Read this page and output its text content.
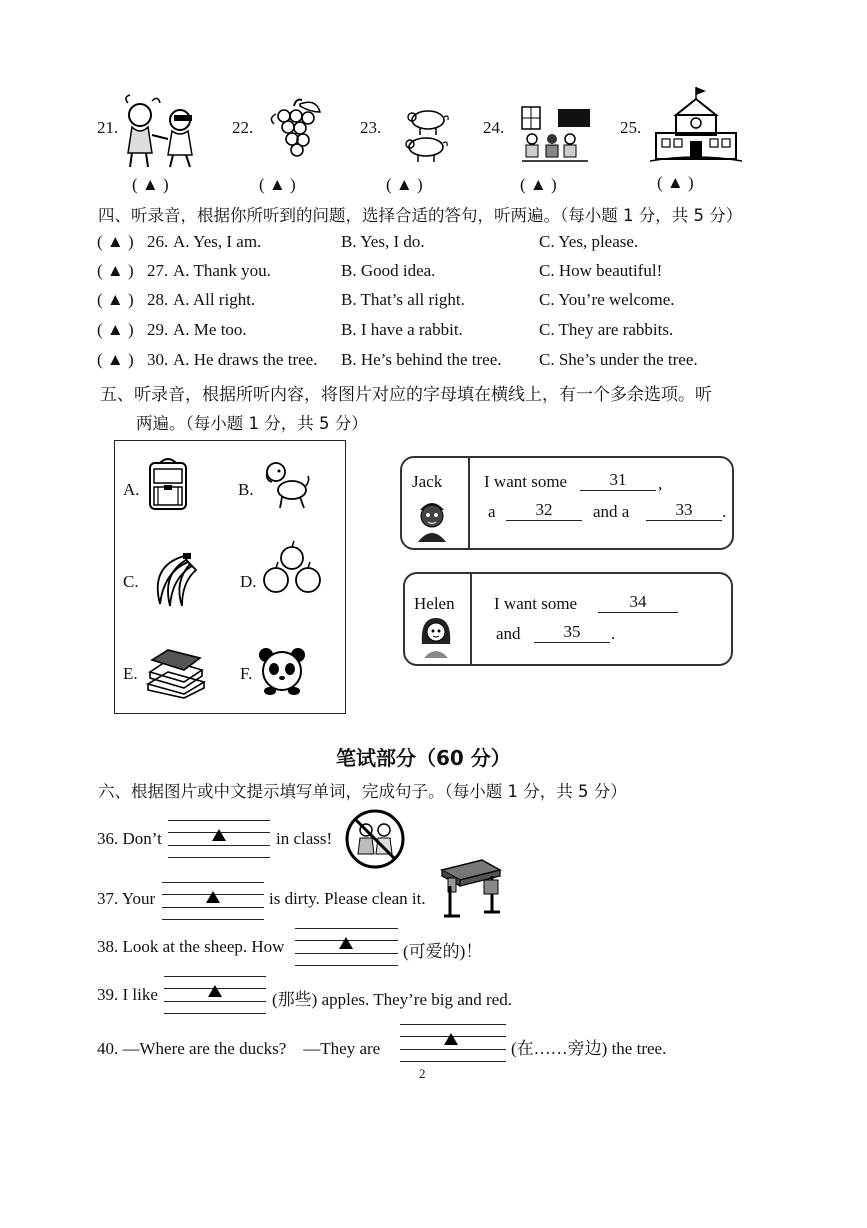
21.
( ▲ )
22.
( ▲ )
23.
( ▲ )
24.
( ▲ )
25.
( ▲ )
四、听录音，根据你所听到的问题，选择合适的答句，听两遍。（每小题 1 分，共 5 分）
( ▲ ) 26. A. Yes, I am.	B. Yes, I do.	C. Yes, please.
( ▲ ) 27. A. Thank you.	B. Good idea.	C. How beautiful!
( ▲ ) 28. A. All right.	B. That’s all right.	C. You’re welcome.
( ▲ ) 29. A. Me too.	B. I have a rabbit.	C. They are rabbits.
( ▲ ) 30. A. He draws the tree. B. He’s behind the tree. C. She’s under the tree.
五、听录音，根据所听内容，将图片对应的字母填在横线上，有一个多余选项。听
两遍。（每小题 1 分，共 5 分）
A.	B.
C.	D.
E.	F.
Jack I want some	31	,
a	32	and a	33	.
Helen I want some	34
and	35	.
笔试部分（60 分）
六、根据图片或中文提示填写单词，完成句子。（每小题 1 分，共 5 分）
36. Don’t	in class!
37. Your	is dirty. Please clean it.
38. Look at the sheep. How	(可爱的)！
39. I like	(那些) apples. They’re big and red.
40. —Where are the ducks?　—They are	(在……旁边) the tree.
2
